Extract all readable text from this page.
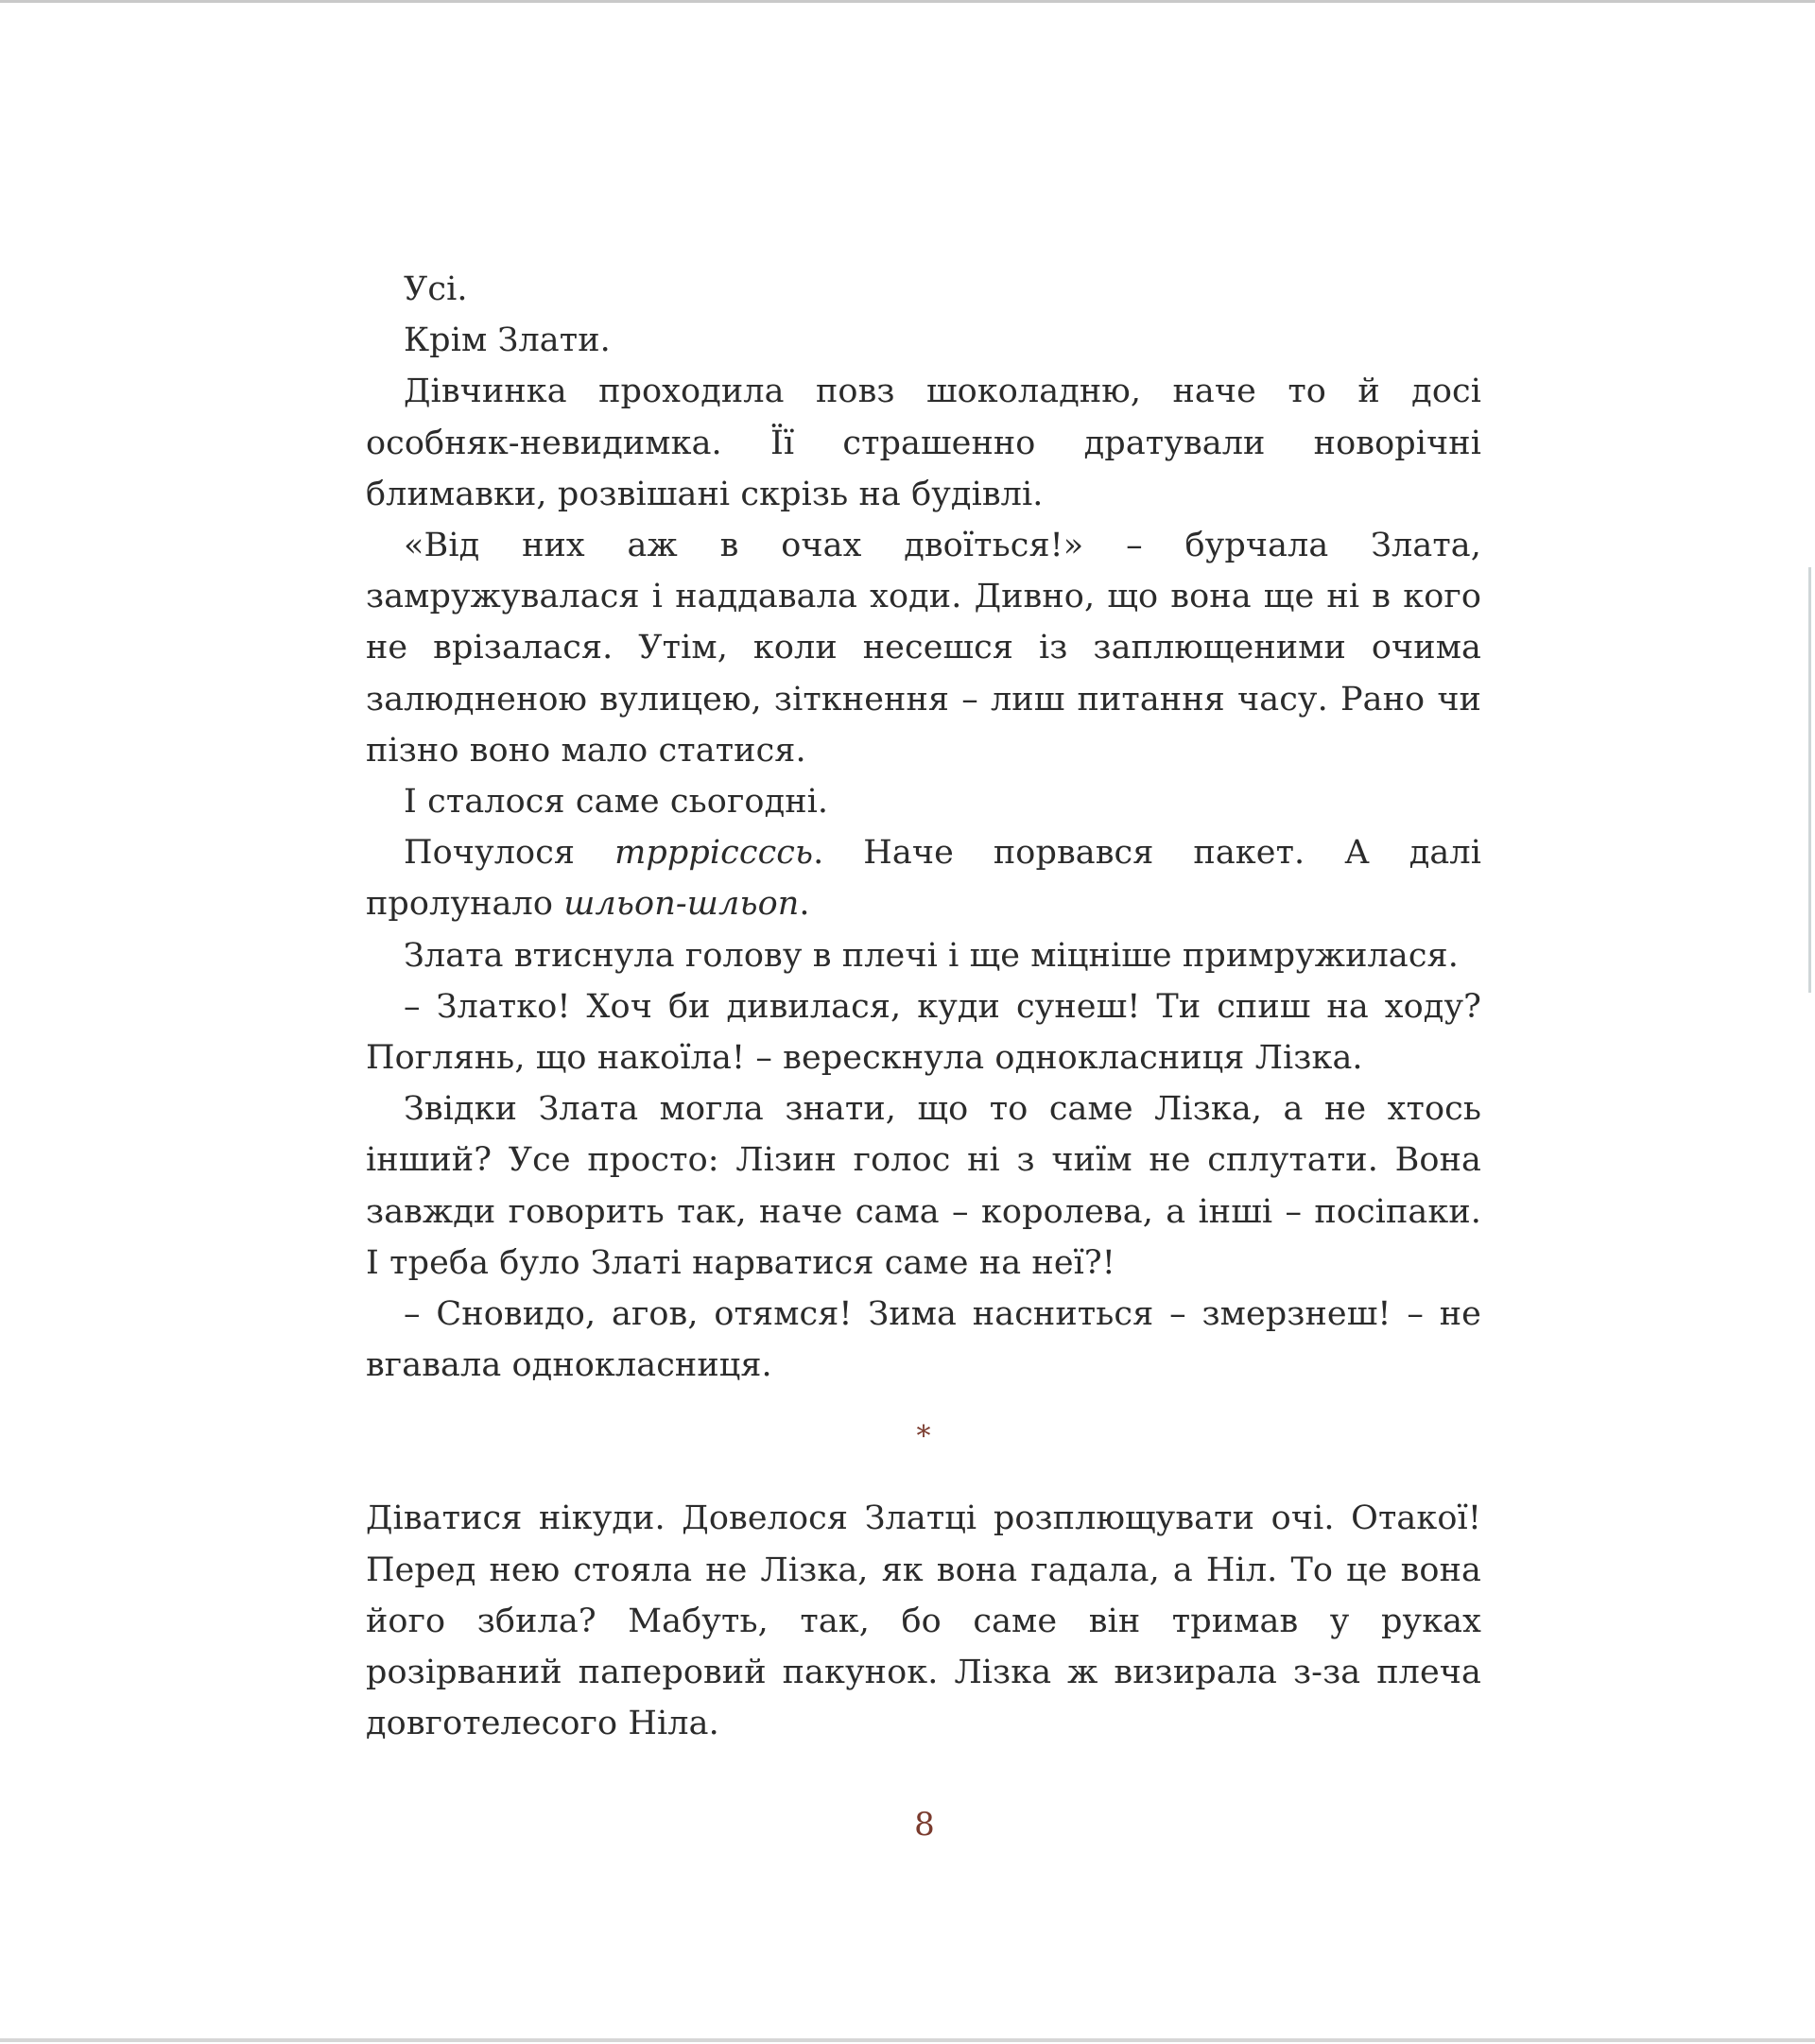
Усі.

Крім Злати.

Дівчинка проходила повз шоколадню, наче то й досі особняк-невидимка. Її страшенно дратували новорічні блимавки, розвішані скрізь на будівлі.

«Від них аж в очах двоїться!» – бурчала Злата, замружувалася і наддавала ходи. Дивно, що вона ще ні в кого не врізалася. Утім, коли несешся із заплющеними очима залюдненою вулицею, зіткнення – лиш питання часу. Рано чи пізно воно мало статися.

І сталося саме сьогодні.

Почулося тррріссссь. Наче порвався пакет. А далі пролунало шльоп-шльоп.

Злата втиснула голову в плечі і ще міцніше примружилася.

– Златко! Хоч би дивилася, куди сунеш! Ти спиш на ходу? Поглянь, що накоїла! – верескнула однокласниця Лізка.

Звідки Злата могла знати, що то саме Лізка, а не хтось інший? Усе просто: Лізин голос ні з чиїм не сплутати. Вона завжди говорить так, наче сама – королева, а інші – посіпаки. І треба було Златі нарватися саме на неї?!

– Сновидо, агов, отямся! Зима насниться – змерзнеш! – не вгавала однокласниця.

*

Діватися нікуди. Довелося Златці розплющувати очі. Отакої! Перед нею стояла не Лізка, як вона гадала, а Ніл. То це вона його збила? Мабуть, так, бо саме він тримав у руках розірваний паперовий пакунок. Лізка ж визирала з-за плеча довготелесого Ніла.

8
